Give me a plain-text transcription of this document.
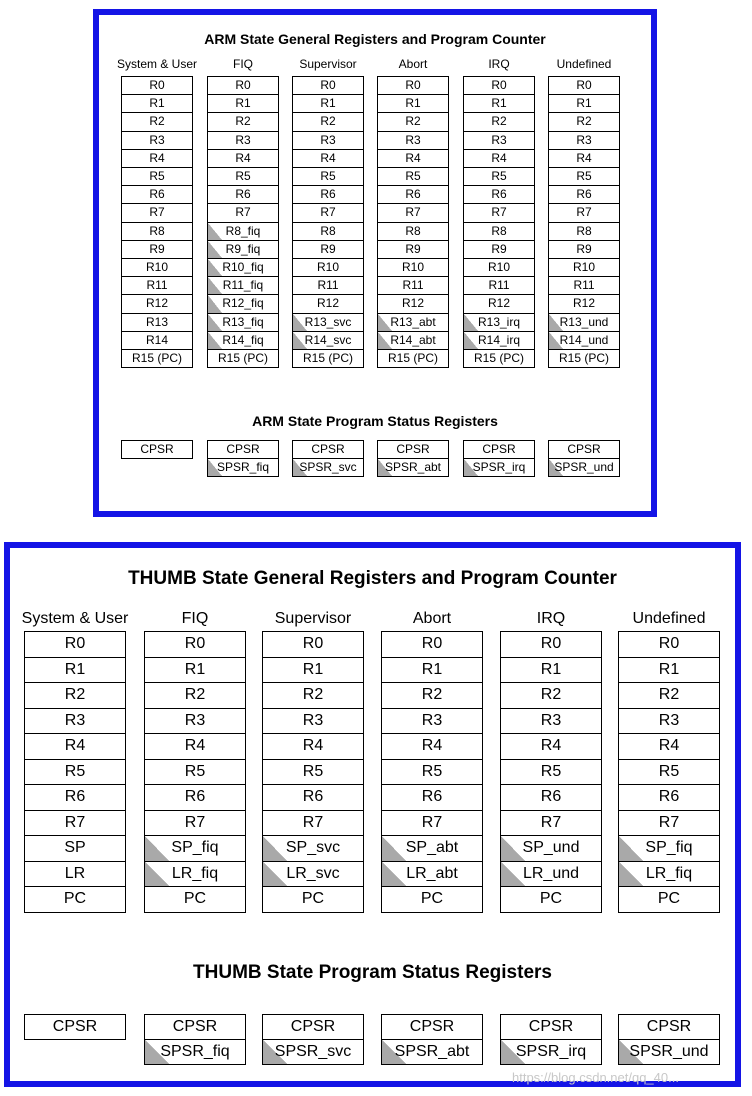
ARM State General Registers and Program Counter
ARM State Program Status Registers
System & User
R0
R1
R2
R3
R4
R5
R6
R7
R8
R9
R10
R11
R12
R13
R14
R15 (PC)
CPSR
FIQ
R0
R1
R2
R3
R4
R5
R6
R7
R8_fiq
R9_fiq
R10_fiq
R11_fiq
R12_fiq
R13_fiq
R14_fiq
R15 (PC)
CPSR
SPSR_fiq
Supervisor
R0
R1
R2
R3
R4
R5
R6
R7
R8
R9
R10
R11
R12
R13_svc
R14_svc
R15 (PC)
CPSR
SPSR_svc
Abort
R0
R1
R2
R3
R4
R5
R6
R7
R8
R9
R10
R11
R12
R13_abt
R14_abt
R15 (PC)
CPSR
SPSR_abt
IRQ
R0
R1
R2
R3
R4
R5
R6
R7
R8
R9
R10
R11
R12
R13_irq
R14_irq
R15 (PC)
CPSR
SPSR_irq
Undefined
R0
R1
R2
R3
R4
R5
R6
R7
R8
R9
R10
R11
R12
R13_und
R14_und
R15 (PC)
CPSR
SPSR_und
THUMB State General Registers and Program Counter
THUMB State Program Status Registers
System & User
R0
R1
R2
R3
R4
R5
R6
R7
SP
LR
PC
CPSR
FIQ
R0
R1
R2
R3
R4
R5
R6
R7
SP_fiq
LR_fiq
PC
CPSR
SPSR_fiq
Supervisor
R0
R1
R2
R3
R4
R5
R6
R7
SP_svc
LR_svc
PC
CPSR
SPSR_svc
Abort
R0
R1
R2
R3
R4
R5
R6
R7
SP_abt
LR_abt
PC
CPSR
SPSR_abt
IRQ
R0
R1
R2
R3
R4
R5
R6
R7
SP_und
LR_und
PC
CPSR
SPSR_irq
Undefined
R0
R1
R2
R3
R4
R5
R6
R7
SP_fiq
LR_fiq
PC
CPSR
SPSR_und
https://blog.csdn.net/qq_40...
